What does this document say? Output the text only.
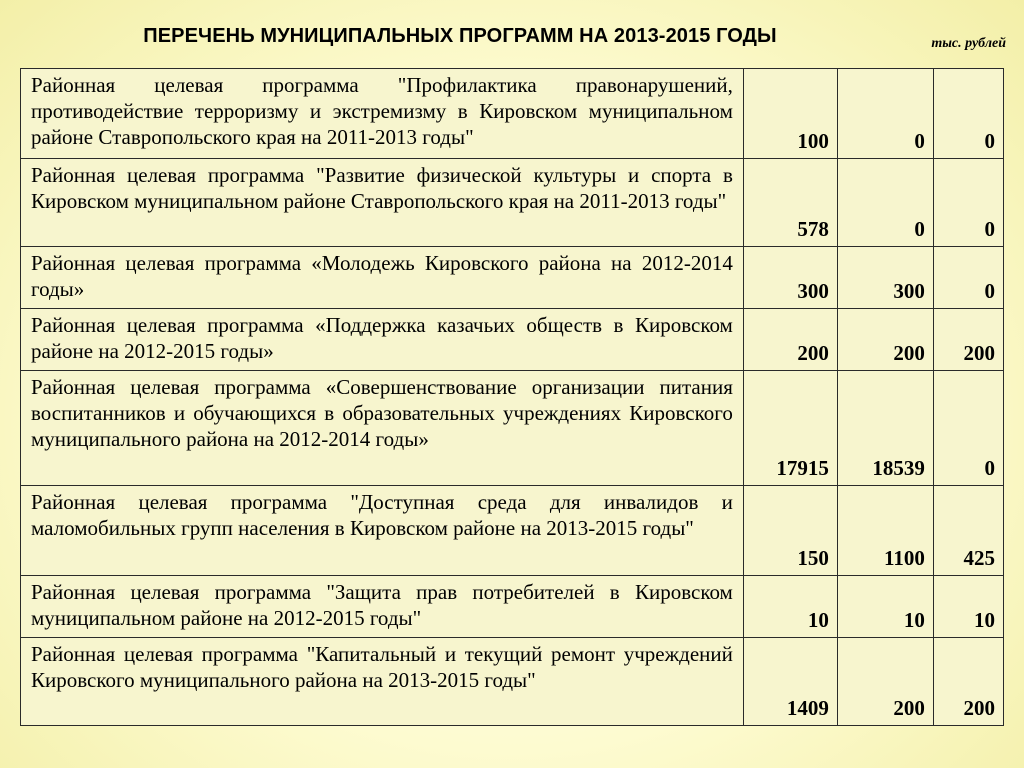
ПЕРЕЧЕНЬ МУНИЦИПАЛЬНЫХ ПРОГРАММ НА 2013-2015 ГОДЫ	тыс. рублей
Районная целевая программа "Профилактика правонарушений, противодействие терроризму и экстремизму в Кировском муниципальном районе Ставропольского края на 2011-2013 годы"	100	0	0
Районная целевая программа "Развитие физической культуры и спорта в Кировском муниципальном районе Ставропольского края на 2011-2013 годы"	578	0	0
Районная целевая программа «Молодежь Кировского района на 2012-2014 годы»	300	300	0
Районная целевая программа «Поддержка казачьих обществ в Кировском районе на 2012-2015 годы»	200	200	200
Районная целевая программа «Совершенствование организации питания воспитанников и обучающихся в образовательных учреждениях Кировского муниципального района на 2012-2014 годы»	17915	18539	0
Районная целевая программа "Доступная среда для инвалидов и маломобильных групп населения в Кировском районе на 2013-2015 годы"	150	1100	425
Районная целевая программа "Защита прав потребителей в Кировском муниципальном районе на 2012-2015 годы"	10	10	10
Районная целевая программа "Капитальный и текущий ремонт учреждений Кировского муниципального района на 2013-2015 годы"	1409	200	200
